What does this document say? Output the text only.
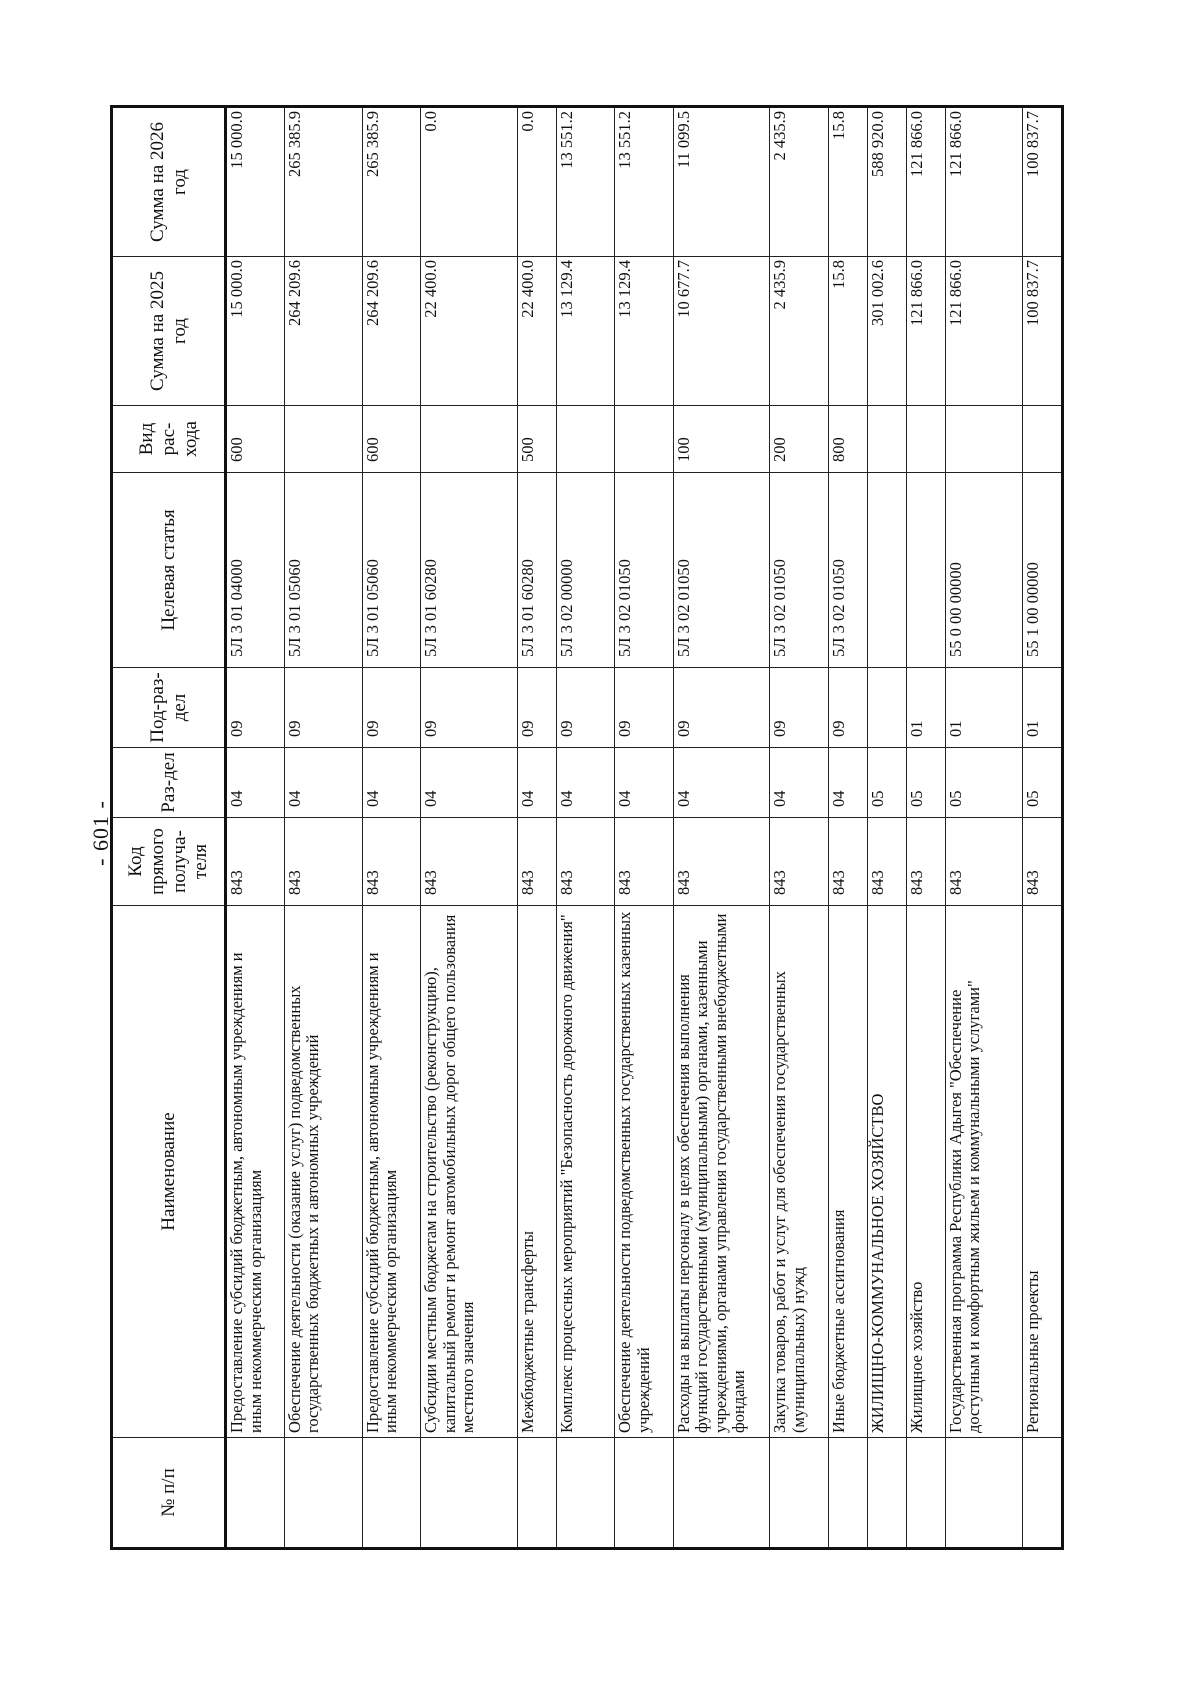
- 601 -
№ п/п	Наименование	Код прямого получа-теля	Раз-дел	Под-раз-дел	Целевая статья	Вид рас-хода	Сумма на 2025 год	Сумма на 2026 год
	Предоставление субсидий бюджетным, автономным учреждениям и иным некоммерческим организациям	843	04	09	5Л 3 01 04000	600	15 000.0	15 000.0
	Обеспечение деятельности (оказание услуг) подведомственных государственных бюджетных и автономных учреждений	843	04	09	5Л 3 01 05060		264 209.6	265 385.9
	Предоставление субсидий бюджетным, автономным учреждениям и иным некоммерческим организациям	843	04	09	5Л 3 01 05060	600	264 209.6	265 385.9
	Субсидии местным бюджетам на строительство (реконструкцию), капитальный ремонт и ремонт автомобильных дорог общего пользования местного значения	843	04	09	5Л 3 01 60280		22 400.0	0.0
	Межбюджетные трансферты	843	04	09	5Л 3 01 60280	500	22 400.0	0.0
	Комплекс процессных мероприятий "Безопасность дорожного движения"	843	04	09	5Л 3 02 00000		13 129.4	13 551.2
	Обеспечение деятельности подведомственных государственных казенных учреждений	843	04	09	5Л 3 02 01050		13 129.4	13 551.2
	Расходы на выплаты персоналу в целях обеспечения выполнения функций государственными (муниципальными) органами, казенными учреждениями, органами управления государственными внебюджетными фондами	843	04	09	5Л 3 02 01050	100	10 677.7	11 099.5
	Закупка товаров, работ и услуг для обеспечения государственных (муниципальных) нужд	843	04	09	5Л 3 02 01050	200	2 435.9	2 435.9
	Иные бюджетные ассигнования	843	04	09	5Л 3 02 01050	800	15.8	15.8
	ЖИЛИЩНО-КОММУНАЛЬНОЕ ХОЗЯЙСТВО	843	05				301 002.6	588 920.0
	Жилищное хозяйство	843	05	01			121 866.0	121 866.0
	Государственная программа Республики Адыгея "Обеспечение доступным и комфортным жильем и коммунальными услугами"	843	05	01	55 0 00 00000		121 866.0	121 866.0
	Региональные проекты	843	05	01	55 1 00 00000		100 837.7	100 837.7
